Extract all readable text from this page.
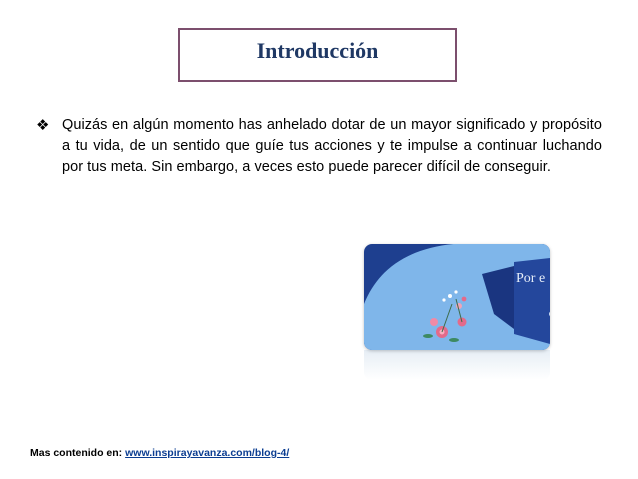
Introducción
❖ Quizás en algún momento has anhelado dotar de un mayor significado y propósito a tu vida, de un sentido que guíe tus acciones y te impulse a continuar luchando por tus meta. Sin embargo, a veces esto puede parecer difícil de conseguir.
Por e
Mas contenido en: www.inspirayavanza.com/blog-4/
